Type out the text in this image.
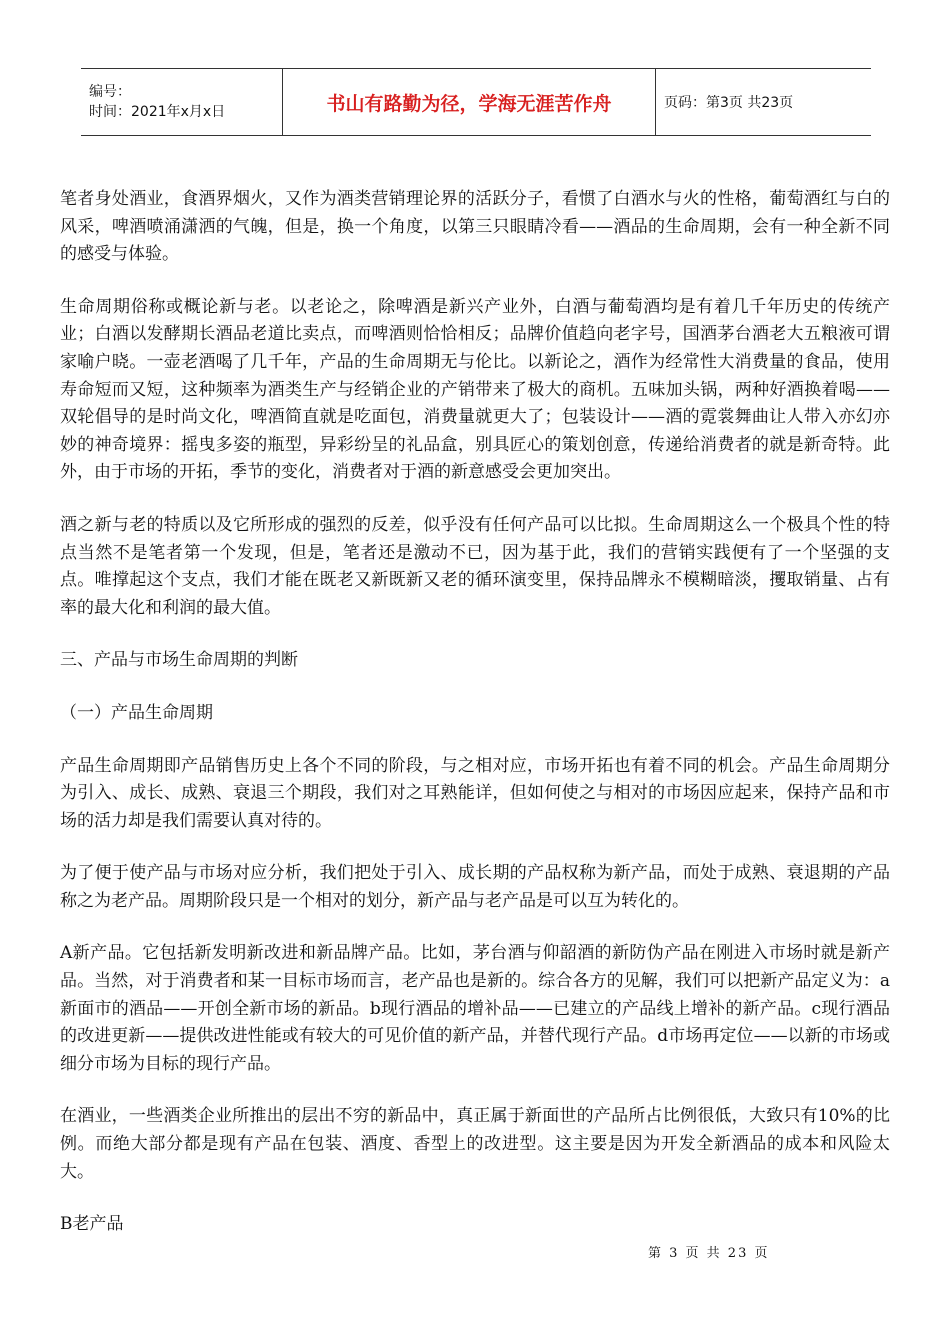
编号：
时间：2021年x月x日	书山有路勤为径，学海无涯苦作舟	页码：第3页 共23页

笔者身处酒业，食酒界烟火，又作为酒类营销理论界的活跃分子，看惯了白酒水与火的性格，葡萄酒红与白的风采，啤酒喷涌潇洒的气魄，但是，换一个角度，以第三只眼睛冷看——酒品的生命周期，会有一种全新不同的感受与体验。

生命周期俗称或概论新与老。以老论之，除啤酒是新兴产业外，白酒与葡萄酒均是有着几千年历史的传统产业；白酒以发酵期长酒品老道比卖点，而啤酒则恰恰相反；品牌价值趋向老字号，国酒茅台酒老大五粮液可谓家喻户晓。一壶老酒喝了几千年，产品的生命周期无与伦比。以新论之，酒作为经常性大消费量的食品，使用寿命短而又短，这种频率为酒类生产与经销企业的产销带来了极大的商机。五味加头锅，两种好酒换着喝——双轮倡导的是时尚文化，啤酒简直就是吃面包，消费量就更大了；包装设计——酒的霓裳舞曲让人带入亦幻亦妙的神奇境界：摇曳多姿的瓶型，异彩纷呈的礼品盒，别具匠心的策划创意，传递给消费者的就是新奇特。此外，由于市场的开拓，季节的变化，消费者对于酒的新意感受会更加突出。

酒之新与老的特质以及它所形成的强烈的反差，似乎没有任何产品可以比拟。生命周期这么一个极具个性的特点当然不是笔者第一个发现，但是，笔者还是激动不已，因为基于此，我们的营销实践便有了一个坚强的支点。唯撑起这个支点，我们才能在既老又新既新又老的循环演变里，保持品牌永不模糊暗淡，攫取销量、占有率的最大化和利润的最大值。

三、产品与市场生命周期的判断

（一）产品生命周期

产品生命周期即产品销售历史上各个不同的阶段，与之相对应，市场开拓也有着不同的机会。产品生命周期分为引入、成长、成熟、衰退三个期段，我们对之耳熟能详，但如何使之与相对的市场因应起来，保持产品和市场的活力却是我们需要认真对待的。

为了便于使产品与市场对应分析，我们把处于引入、成长期的产品权称为新产品，而处于成熟、衰退期的产品称之为老产品。周期阶段只是一个相对的划分，新产品与老产品是可以互为转化的。

A新产品。它包括新发明新改进和新品牌产品。比如，茅台酒与仰韶酒的新防伪产品在刚进入市场时就是新产品。当然，对于消费者和某一目标市场而言，老产品也是新的。综合各方的见解，我们可以把新产品定义为：a新面市的酒品——开创全新市场的新品。b现行酒品的增补品——已建立的产品线上增补的新产品。c现行酒品的改进更新——提供改进性能或有较大的可见价值的新产品，并替代现行产品。d市场再定位——以新的市场或细分市场为目标的现行产品。

在酒业，一些酒类企业所推出的层出不穷的新品中，真正属于新面世的产品所占比例很低，大致只有10%的比例。而绝大部分都是现有产品在包装、酒度、香型上的改进型。这主要是因为开发全新酒品的成本和风险太大。

B老产品

第 3 页 共 23 页
